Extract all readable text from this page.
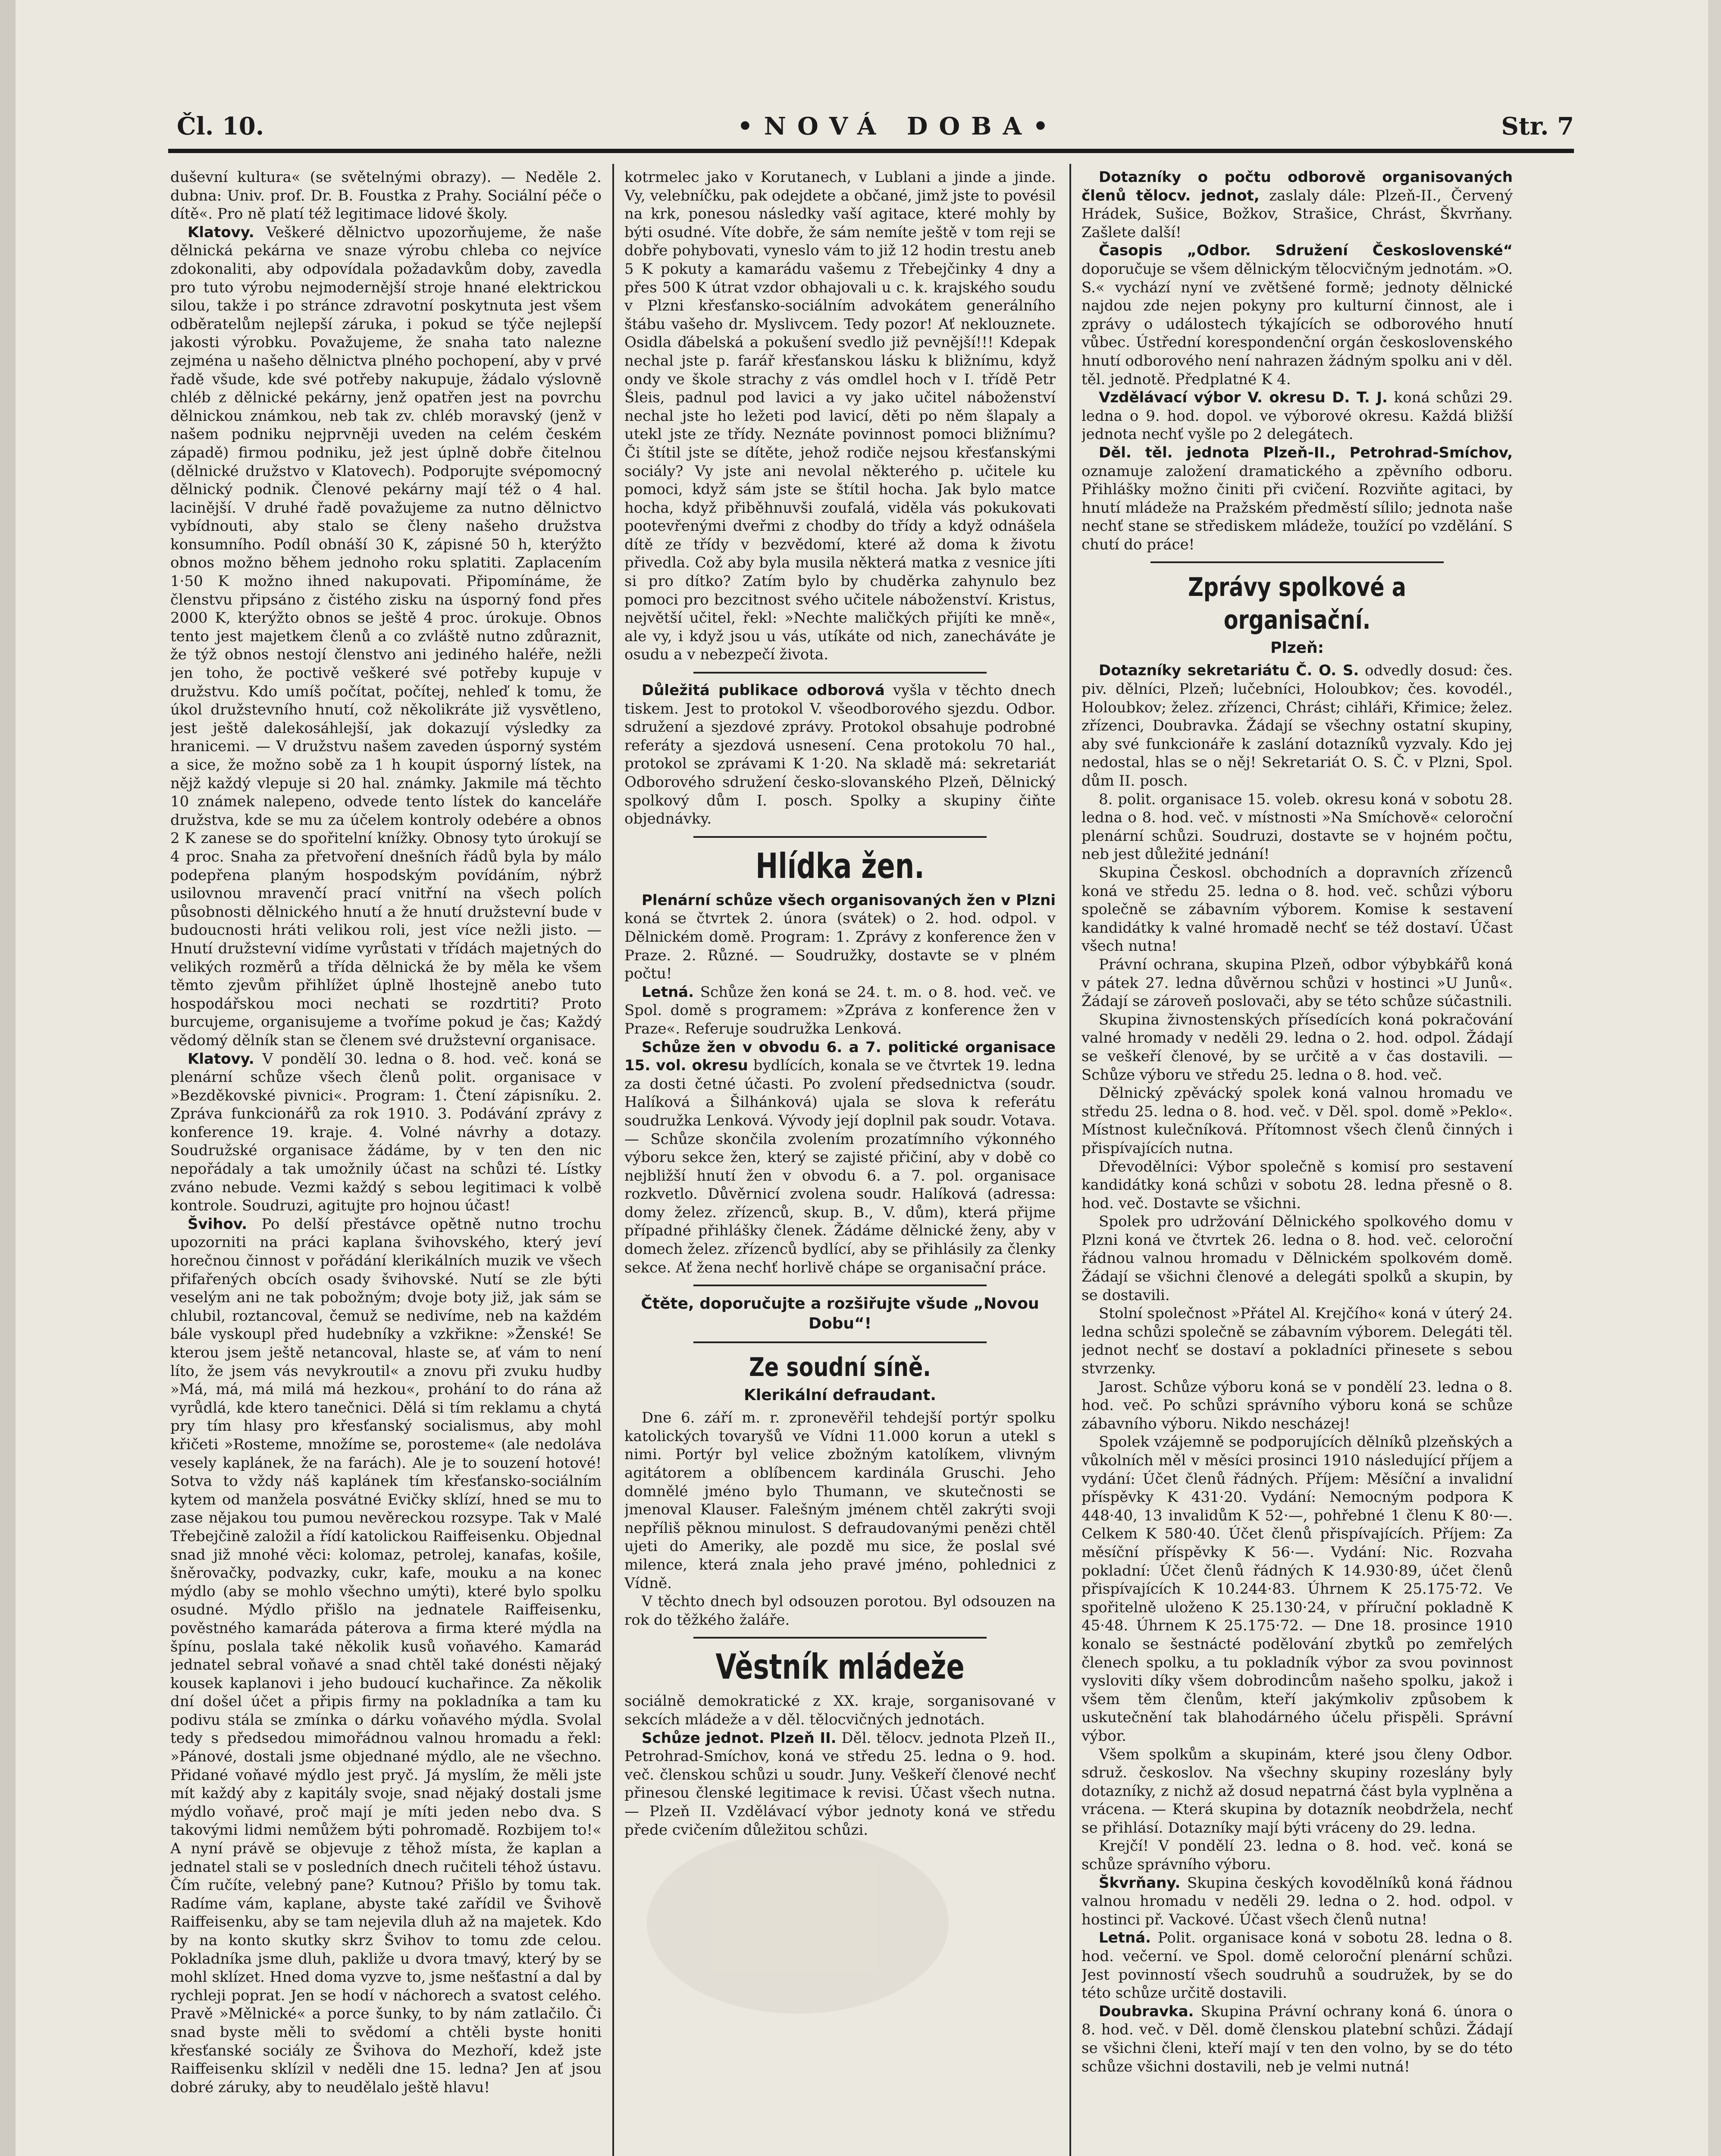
Čl. 10.	•NOVÁ DOBA•	Str. 7

duševní kultura« (se světelnými obrazy). — Neděle 2. dubna: Univ. prof. Dr. B. Foustka z Prahy. Sociální péče o dítě«. Pro ně platí též legitimace lidové školy.

Klatovy. Veškeré dělnictvo upozorňujeme, že naše dělnická pekárna ve snaze výrobu chleba co nejvíce zdokonaliti, aby odpovídala požadavkům doby, zavedla pro tuto výrobu nejmodernější stroje hnané elektrickou silou, takže i po stránce zdravotní poskytnuta jest všem odběratelům nejlepší záruka, i pokud se týče nejlepší jakosti výrobku. Považujeme, že snaha tato nalezne zejména u našeho dělnictva plného pochopení, aby v prvé řadě všude, kde své potřeby nakupuje, žádalo výslovně chléb z dělnické pekárny, jenž opatřen jest na povrchu dělnickou známkou, neb tak zv. chléb moravský (jenž v našem podniku nejprvněji uveden na celém českém západě) firmou podniku, jež jest úplně dobře čitelnou (dělnické družstvo v Klatovech). Podporujte svépomocný dělnický podnik. Členové pekárny mají též o 4 hal. lacinější. V druhé řadě považujeme za nutno dělnictvo vybídnouti, aby stalo se členy našeho družstva konsumního. Podíl obnáší 30 K, zápisné 50 h, kterýžto obnos možno během jednoho roku splatiti. Zaplacením 1·50 K možno ihned nakupovati. Připomínáme, že členstvu připsáno z čistého zisku na úsporný fond přes 2000 K, kterýžto obnos se ještě 4 proc. úrokuje. Obnos tento jest majetkem členů a co zvláště nutno zdůraznit, že týž obnos nestojí členstvo ani jediného haléře, nežli jen toho, že poctivě veškeré své potřeby kupuje v družstvu. Kdo umíš počítat, počítej, nehleď k tomu, že úkol družstevního hnutí, což několikráte již vysvětleno, jest ještě dalekosáhlejší, jak dokazují výsledky za hranicemi. — V družstvu našem zaveden úsporný systém a sice, že možno sobě za 1 h koupit úsporný lístek, na nějž každý vlepuje si 20 hal. známky. Jakmile má těchto 10 známek nalepeno, odvede tento lístek do kanceláře družstva, kde se mu za účelem kontroly odebére a obnos 2 K zanese se do spořitelní knížky. Obnosy tyto úrokují se 4 proc. Snaha za přetvoření dnešních řádů byla by málo podepřena planým hospodským povídáním, nýbrž usilovnou mravenčí prací vnitřní na všech polích působnosti dělnického hnutí a že hnutí družstevní bude v budoucnosti hráti velikou roli, jest více nežli jisto. — Hnutí družstevní vidíme vyrůstati v třídách majetných do velikých rozměrů a třída dělnická že by měla ke všem těmto zjevům přihlížet úplně lhostejně anebo tuto hospodářskou moci nechati se rozdrtiti? Proto burcujeme, organisujeme a tvoříme pokud je čas; Každý vědomý dělník stan se členem své družstevní organisace.

Klatovy. V pondělí 30. ledna o 8. hod. več. koná se plenární schůze všech členů polit. organisace v »Bezděkovské pivnici«. Program: 1. Čtení zápisníku. 2. Zpráva funkcionářů za rok 1910. 3. Podávání zprávy z konference 19. kraje. 4. Volné návrhy a dotazy. Soudružské organisace žádáme, by v ten den nic nepořádaly a tak umožnily účast na schůzi té. Lístky zváno nebude. Vezmi každý s sebou legitimaci k volbě kontrole. Soudruzi, agitujte pro hojnou účast!

Švihov. Po delší přestávce opětně nutno trochu upozorniti na práci kaplana švihovského, který jeví horečnou činnost v pořádání klerikálních muzik ve všech přifařených obcích osady švihovské. Nutí se zle býti veselým ani ne tak pobožným; dvoje boty již, jak sám se chlubil, roztancoval, čemuž se nedivíme, neb na každém bále vyskoupl před hudebníky a vzkřikne: »Ženské! Se kterou jsem ještě netancoval, hlaste se, ať vám to není líto, že jsem vás nevykroutil« a znovu při zvuku hudby »Má, má, má milá má hezkou«, prohání to do rána až vyrůdlá, kde ktero tanečnici. Dělá si tím reklamu a chytá pry tím hlasy pro křesťanský socialismus, aby mohl křičeti »Rosteme, množíme se, porosteme« (ale nedoláva vesely kaplánek, že na farách). Ale je to souzení hotové! Sotva to vždy náš kaplánek tím křesťansko-sociálním kytem od manžela posvátné Evičky sklízí, hned se mu to zase nějakou tou pumou nevěreckou rozsype. Tak v Malé Třebejčině založil a řídí katolickou Raiffeisenku. Objednal snad již mnohé věci: kolomaz, petrolej, kanafas, košile, šněrovačky, podvazky, cukr, kafe, mouku a na konec mýdlo (aby se mohlo všechno umýti), které bylo spolku osudné. Mýdlo přišlo na jednatele Raiffeisenku, pověstného kamaráda páterova a firma které mýdla na špínu, poslala také několik kusů voňavého. Kamarád jednatel sebral voňavé a snad chtěl také donésti nějaký kousek kaplanovi i jeho budoucí kuchařince. Za několik dní došel účet a připis firmy na pokladníka a tam ku podivu stála se zmínka o dárku voňavého mýdla. Svolal tedy s předsedou mimořádnou valnou hromadu a řekl: »Pánové, dostali jsme objednané mýdlo, ale ne všechno. Přidané voňavé mýdlo jest pryč. Já myslím, že měli jste mít každý aby z kapitály svoje, snad nějaký dostali jsme mýdlo voňavé, proč mají je míti jeden nebo dva. S takovými lidmi nemůžem býti pohromadě. Rozbijem to!« A nyní právě se objevuje z těhož místa, že kaplan a jednatel stali se v posledních dnech ručiteli téhož ústavu. Čím ručíte, velebný pane? Kutnou? Přišlo by tomu tak. Radíme vám, kaplane, abyste také zařídil ve Švihově Raiffeisenku, aby se tam nejevila dluh až na majetek. Kdo by na konto skutky skrz Švihov to tomu zde celou. Pokladníka jsme dluh, pakliže u dvora tmavý, který by se mohl sklízet. Hned doma vyzve to, jsme nešťastní a dal by rychleji poprat. Jen se hodí v náchorech a svatost celého. Pravě »Mělnické« a porce šunky, to by nám zatlačilo. Či snad byste měli to svědomí a chtěli byste honiti křesťanské sociály ze Švihova do Mezhoří, kdež jste Raiffeisenku sklízil v neděli dne 15. ledna? Jen ať jsou dobré záruky, aby to neudělalo ještě hlavu!

kotrmelec jako v Korutanech, v Lublani a jinde a jinde. Vy, velebníčku, pak odejdete a občané, jimž jste to povésil na krk, ponesou následky vaší agitace, které mohly by býti osudné. Víte dobře, že sám nemíte ještě v tom reji se dobře pohybovati, vyneslo vám to již 12 hodin trestu aneb 5 K pokuty a kamarádu vašemu z Třebejčinky 4 dny a přes 500 K útrat vzdor obhajovali u c. k. krajského soudu v Plzni křesťansko-sociálním advokátem generálního štábu vašeho dr. Myslivcem. Tedy pozor! Ať neklouznete. Osidla ďábelská a pokušení svedlo již pevnější!!! Kdepak nechal jste p. farář křesťanskou lásku k bližnímu, když ondy ve škole strachy z vás omdlel hoch v I. třídě Petr Šleis, padnul pod lavici a vy jako učitel náboženství nechal jste ho ležeti pod lavicí, děti po něm šlapaly a utekl jste ze třídy. Neznáte povinnost pomoci bližnímu? Či štítil jste se dítěte, jehož rodiče nejsou křesťanskými sociály? Vy jste ani nevolal některého p. učitele ku pomoci, když sám jste se štítil hocha. Jak bylo matce hocha, když přiběhnuvši zoufalá, viděla vás pokukovati pootevřenými dveřmi z chodby do třídy a když odnášela dítě ze třídy v bezvědomí, které až doma k životu přivedla. Což aby byla musila některá matka z vesnice jíti si pro dítko? Zatím bylo by chuděrka zahynulo bez pomoci pro bezcitnost svého učitele náboženství. Kristus, největší učitel, řekl: »Nechte maličkých přijíti ke mně«, ale vy, i když jsou u vás, utíkáte od nich, zanecháváte je osudu a v nebezpečí života.

Důležitá publikace odborová vyšla v těchto dnech tiskem. Jest to protokol V. všeodborového sjezdu. Odbor. sdružení a sjezdové zprávy. Protokol obsahuje podrobné referáty a sjezdová usnesení. Cena protokolu 70 hal., protokol se zprávami K 1·20. Na skladě má: sekretariát Odborového sdružení česko-slovanského Plzeň, Dělnický spolkový dům I. posch. Spolky a skupiny čiňte objednávky.

Hlídka žen.

Plenární schůze všech organisovaných žen v Plzni koná se čtvrtek 2. února (svátek) o 2. hod. odpol. v Dělnickém domě. Program: 1. Zprávy z konference žen v Praze. 2. Různé. — Soudružky, dostavte se v plném počtu!

Letná. Schůze žen koná se 24. t. m. o 8. hod. več. ve Spol. domě s programem: »Zpráva z konference žen v Praze«. Referuje soudružka Lenková.

Schůze žen v obvodu 6. a 7. politické organisace 15. vol. okresu bydlících, konala se ve čtvrtek 19. ledna za dosti četné účasti. Po zvolení předsednictva (soudr. Halíková a Šilhánková) ujala se slova k referátu soudružka Lenková. Vývody její doplnil pak soudr. Votava. — Schůze skončila zvolením prozatímního výkonného výboru sekce žen, který se zajisté přičiní, aby v době co nejbližší hnutí žen v obvodu 6. a 7. pol. organisace rozkvetlo. Důvěrnicí zvolena soudr. Halíková (adressa: domy želez. zřízenců, skup. B., V. dům), která přijme případné přihlášky členek. Žádáme dělnické ženy, aby v domech želez. zřízenců bydlící, aby se přihlásily za členky sekce. Ať žena nechť horlivě chápe se organisační práce.

Čtěte, doporučujte a rozšiřujte všude „Novou Dobu“!
Ze soudní síně.
Klerikální defraudant.

Dne 6. září m. r. zpronevěřil tehdejší portýr spolku katolických tovaryšů ve Vídni 11.000 korun a utekl s nimi. Portýr byl velice zbožným katolíkem, vlivným agitátorem a oblíbencem kardinála Gruschi. Jeho domnělé jméno bylo Thumann, ve skutečnosti se jmenoval Klauser. Falešným jménem chtěl zakrýti svoji nepříliš pěknou minulost. S defraudovanými penězi chtěl ujeti do Ameriky, ale pozdě mu sice, že poslal své milence, která znala jeho pravé jméno, pohlednici z Vídně.

V těchto dnech byl odsouzen porotou. Byl odsouzen na rok do těžkého žaláře.

Věstník mládeže

sociálně demokratické z XX. kraje, sorganisované v sekcích mládeže a v děl. tělocvičných jednotách.

Schůze jednot. Plzeň II. Děl. tělocv. jednota Plzeň II., Petrohrad-Smíchov, koná ve středu 25. ledna o 9. hod. več. členskou schůzi u soudr. Juny. Veškeří členové nechť přinesou členské legitimace k revisi. Účast všech nutna. — Plzeň II. Vzdělávací výbor jednoty koná ve středu přede cvičením důležitou schůzi.

Dotazníky o počtu odborově organisovaných členů tělocv. jednot, zaslaly dále: Plzeň-II., Červený Hrádek, Sušice, Božkov, Strašice, Chrást, Škvrňany. Zašlete další!

Časopis „Odbor. Sdružení Československé“ doporučuje se všem dělnickým tělocvičným jednotám. »O. S.« vychází nyní ve zvětšené formě; jednoty dělnické najdou zde nejen pokyny pro kulturní činnost, ale i zprávy o událostech týkajících se odborového hnutí vůbec. Ústřední korespondenční orgán československého hnutí odborového není nahrazen žádným spolku ani v děl. těl. jednotě. Předplatné K 4.

Vzdělávací výbor V. okresu D. T. J. koná schůzi 29. ledna o 9. hod. dopol. ve výborové okresu. Každá bližší jednota nechť vyšle po 2 delegátech.

Děl. těl. jednota Plzeň-II., Petrohrad-Smíchov, oznamuje založení dramatického a zpěvního odboru. Přihlášky možno činiti při cvičení. Rozviňte agitaci, by hnutí mládeže na Pražském předměstí sílilo; jednota naše nechť stane se střediskem mládeže, toužící po vzdělání. S chutí do práce!

Zprávy spolkové a organisační.
Plzeň:

Dotazníky sekretariátu Č. O. S. odvedly dosud: čes. piv. dělníci, Plzeň; lučebníci, Holoubkov; čes. kovodél., Holoubkov; želez. zřízenci, Chrást; cihláři, Křimice; želez. zřízenci, Doubravka. Žádají se všechny ostatní skupiny, aby své funkcionáře k zaslání dotazníků vyzvaly. Kdo jej nedostal, hlas se o něj! Sekretariát O. S. Č. v Plzni, Spol. dům II. posch.

8. polit. organisace 15. voleb. okresu koná v sobotu 28. ledna o 8. hod. več. v místnosti »Na Smíchově« celoroční plenární schůzi. Soudruzi, dostavte se v hojném počtu, neb jest důležité jednání!

Skupina Českosl. obchodních a dopravních zřízenců koná ve středu 25. ledna o 8. hod. več. schůzi výboru společně se zábavním výborem. Komise k sestavení kandidátky k valné hromadě nechť se též dostaví. Účast všech nutna!

Právní ochrana, skupina Plzeň, odbor výbybkářů koná v pátek 27. ledna důvěrnou schůzi v hostinci »U Junů«. Žádají se zároveň poslovači, aby se této schůze súčastnili.

Skupina živnostenských přísedících koná pokračování valné hromady v neděli 29. ledna o 2. hod. odpol. Žádají se veškeří členové, by se určitě a v čas dostavili. — Schůze výboru ve středu 25. ledna o 8. hod. več.

Dělnický zpěvácký spolek koná valnou hromadu ve středu 25. ledna o 8. hod. več. v Děl. spol. domě »Peklo«. Místnost kulečníková. Přítomnost všech členů činných i přispívajících nutna.

Dřevodělníci: Výbor společně s komisí pro sestavení kandidátky koná schůzi v sobotu 28. ledna přesně o 8. hod. več. Dostavte se všichni.

Spolek pro udržování Dělnického spolkového domu v Plzni koná ve čtvrtek 26. ledna o 8. hod. več. celoroční řádnou valnou hromadu v Dělnickém spolkovém domě. Žádají se všichni členové a delegáti spolků a skupin, by se dostavili.

Stolní společnost »Přátel Al. Krejčího« koná v úterý 24. ledna schůzi společně se zábavním výborem. Delegáti těl. jednot nechť se dostaví a pokladníci přinesete s sebou stvrzenky.

Jarost. Schůze výboru koná se v pondělí 23. ledna o 8. hod. več. Po schůzi správního výboru koná se schůze zábavního výboru. Nikdo nescházej!

Spolek vzájemně se podporujících dělníků plzeňských a vůkolních měl v měsíci prosinci 1910 následující příjem a vydání: Účet členů řádných. Příjem: Měsíční a invalidní příspěvky K 431·20. Vydání: Nemocným podpora K 448·40, 13 invalidům K 52·—, pohřebné 1 členu K 80·—. Celkem K 580·40. Účet členů přispívajících. Příjem: Za měsíční příspěvky K 56·—. Vydání: Nic. Rozvaha pokladní: Účet členů řádných K 14.930·89, účet členů přispívajících K 10.244·83. Úhrnem K 25.175·72. Ve spořitelně uloženo K 25.130·24, v příruční pokladně K 45·48. Úhrnem K 25.175·72. — Dne 18. prosince 1910 konalo se šestnácté podělování zbytků po zemřelých členech spolku, a tu pokladník výbor za svou povinnost vysloviti díky všem dobrodincům našeho spolku, jakož i všem těm členům, kteří jakýmkoliv způsobem k uskutečnění tak blahodárného účelu přispěli. Správní výbor.

Všem spolkům a skupinám, které jsou členy Odbor. sdruž. českoslov. Na všechny skupiny rozeslány byly dotazníky, z nichž až dosud nepatrná část byla vyplněna a vrácena. — Která skupina by dotazník neobdržela, nechť se přihlásí. Dotazníky mají býti vráceny do 29. ledna.

Krejčí! V pondělí 23. ledna o 8. hod. več. koná se schůze správního výboru.

Škvrňany. Skupina českých kovodělníků koná řádnou valnou hromadu v neděli 29. ledna o 2. hod. odpol. v hostinci př. Vackové. Účast všech členů nutna!

Letná. Polit. organisace koná v sobotu 28. ledna o 8. hod. večerní. ve Spol. domě celoroční plenární schůzi. Jest povinností všech soudruhů a soudružek, by se do této schůze určitě dostavili.

Doubravka. Skupina Právní ochrany koná 6. února o 8. hod. več. v Děl. domě členskou platební schůzi. Žádají se všichni členi, kteří mají v ten den volno, by se do této schůze všichni dostavili, neb je velmi nutná!
